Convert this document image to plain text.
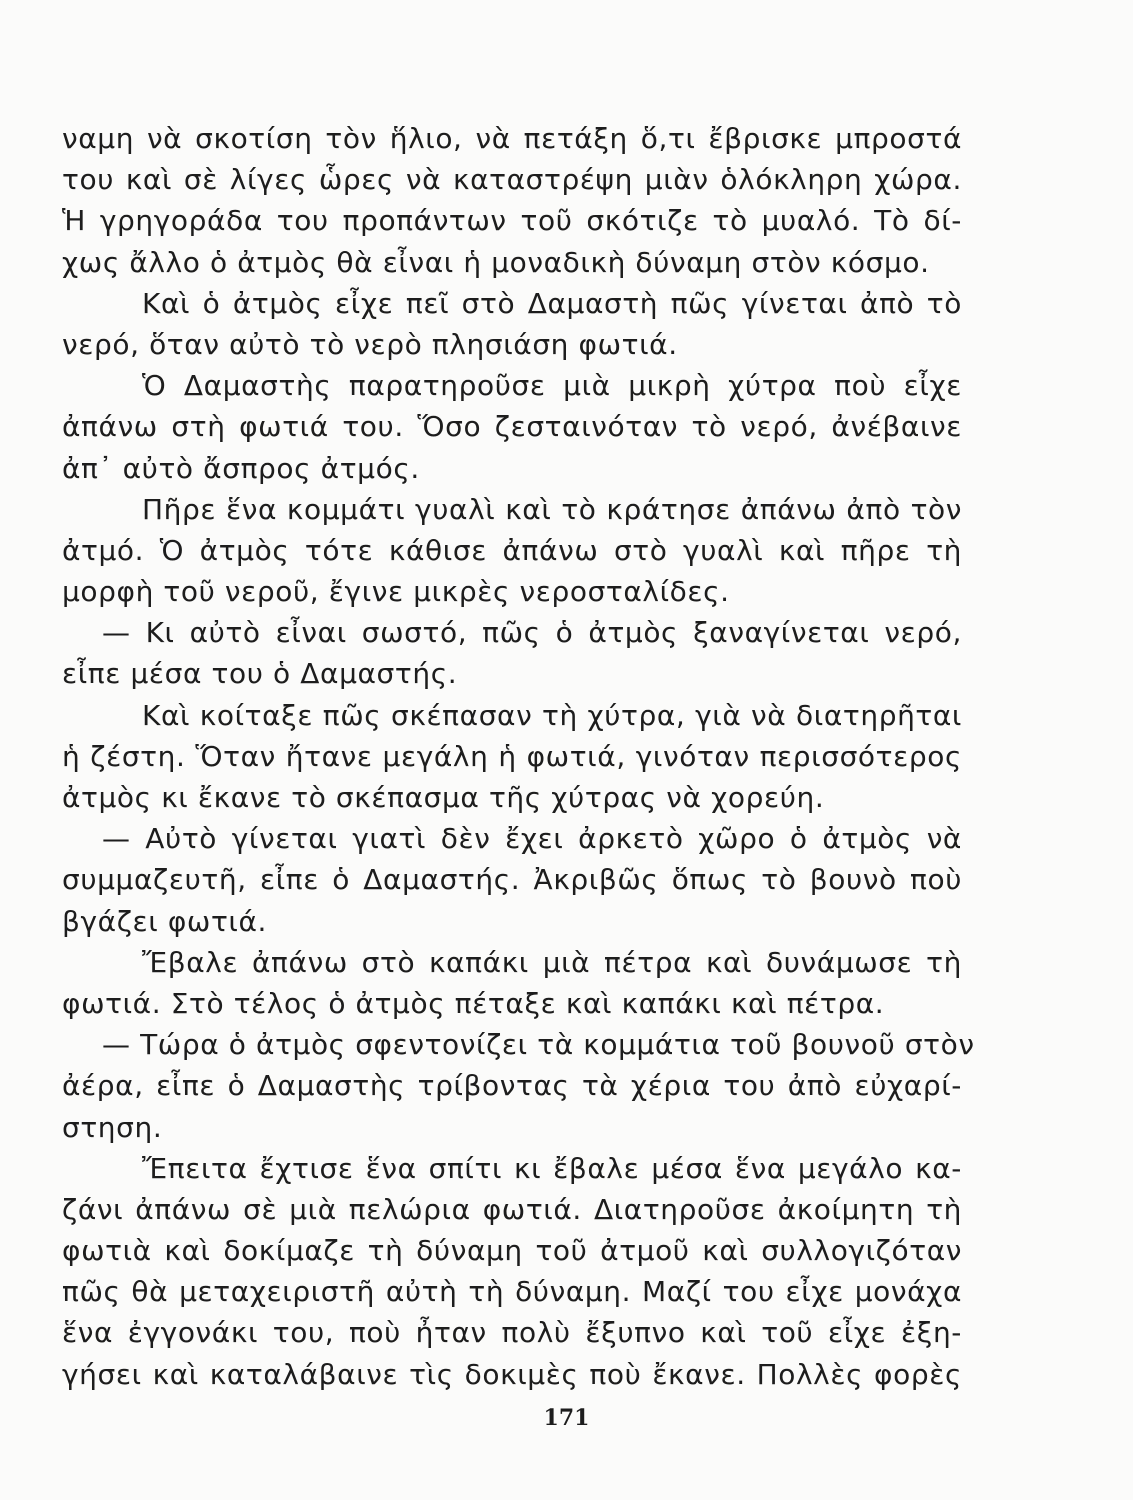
ναμη νὰ σκοτίση τὸν ἥλιο, νὰ πετάξη ὅ,τι ἔβρισκε μπροστά
του καὶ σὲ λίγες ὧρες νὰ καταστρέψη μιὰν ὁλόκληρη χώρα.
Ἡ γρηγοράδα του προπάντων τοῦ σκότιζε τὸ μυαλό. Τὸ δί-
χως ἄλλο ὁ ἀτμὸς θὰ εἶναι ἡ μοναδικὴ δύναμη στὸν κόσμο.
Καὶ ὁ ἀτμὸς εἶχε πεῖ στὸ Δαμαστὴ πῶς γίνεται ἀπὸ τὸ
νερό, ὅταν αὐτὸ τὸ νερὸ πλησιάση φωτιά.
Ὁ Δαμαστὴς παρατηροῦσε μιὰ μικρὴ χύτρα ποὺ εἶχε
ἀπάνω στὴ φωτιά του. Ὅσο ζεσταινόταν τὸ νερό, ἀνέβαινε
ἀπ᾿ αὐτὸ ἄσπρος ἀτμός.
Πῆρε ἕνα κομμάτι γυαλὶ καὶ τὸ κράτησε ἀπάνω ἀπὸ τὸν
ἀτμό. Ὁ ἀτμὸς τότε κάθισε ἀπάνω στὸ γυαλὶ καὶ πῆρε τὴ
μορφὴ τοῦ νεροῦ, ἔγινε μικρὲς νεροσταλίδες.
— Κι αὐτὸ εἶναι σωστό, πῶς ὁ ἀτμὸς ξαναγίνεται νερό,
εἶπε μέσα του ὁ Δαμαστής.
Καὶ κοίταξε πῶς σκέπασαν τὴ χύτρα, γιὰ νὰ διατηρῆται
ἡ ζέστη. Ὅταν ἤτανε μεγάλη ἡ φωτιά, γινόταν περισσότερος
ἀτμὸς κι ἔκανε τὸ σκέπασμα τῆς χύτρας νὰ χορεύη.
— Αὐτὸ γίνεται γιατὶ δὲν ἔχει ἀρκετὸ χῶρο ὁ ἀτμὸς νὰ
συμμαζευτῆ, εἶπε ὁ Δαμαστής. Ἀκριβῶς ὅπως τὸ βουνὸ ποὺ
βγάζει φωτιά.
Ἔβαλε ἀπάνω στὸ καπάκι μιὰ πέτρα καὶ δυνάμωσε τὴ
φωτιά. Στὸ τέλος ὁ ἀτμὸς πέταξε καὶ καπάκι καὶ πέτρα.
— Τώρα ὁ ἀτμὸς σφεντονίζει τὰ κομμάτια τοῦ βουνοῦ στὸν
ἀέρα, εἶπε ὁ Δαμαστὴς τρίβοντας τὰ χέρια του ἀπὸ εὐχαρί-
στηση.
Ἔπειτα ἔχτισε ἕνα σπίτι κι ἔβαλε μέσα ἕνα μεγάλο κα-
ζάνι ἀπάνω σὲ μιὰ πελώρια φωτιά. Διατηροῦσε ἀκοίμητη τὴ
φωτιὰ καὶ δοκίμαζε τὴ δύναμη τοῦ ἀτμοῦ καὶ συλλογιζόταν
πῶς θὰ μεταχειριστῆ αὐτὴ τὴ δύναμη. Μαζί του εἶχε μονάχα
ἕνα ἐγγονάκι του, ποὺ ἦταν πολὺ ἔξυπνο καὶ τοῦ εἶχε ἐξη-
γήσει καὶ καταλάβαινε τὶς δοκιμὲς ποὺ ἔκανε. Πολλὲς φορὲς
171
